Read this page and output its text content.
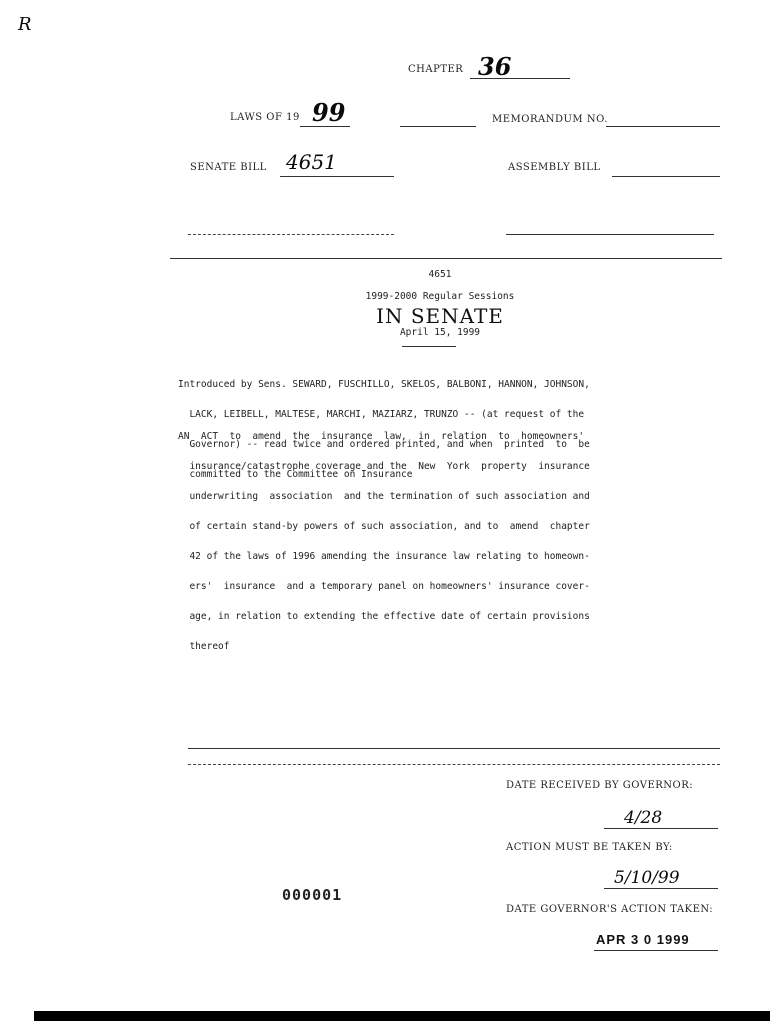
R
CHAPTER 36
LAWS OF 19 99	MEMORANDUM NO.
SENATE BILL 4651	ASSEMBLY BILL
4651
1999-2000 Regular Sessions
IN SENATE
April 15, 1999

Introduced by Sens. SEWARD, FUSCHILLO, SKELOS, BALBONI, HANNON, JOHNSON,

LACK, LEIBELL, MALTESE, MARCHI, MAZIARZ, TRUNZO -- (at request of the

Governor) -- read twice and ordered printed, and when  printed  to  be

committed to the Committee on Insurance

AN  ACT  to  amend  the  insurance  law,  in  relation  to  homeowners'

insurance/catastrophe coverage and the  New  York  property  insurance

underwriting  association  and the termination of such association and

of certain stand-by powers of such association, and to  amend  chapter

42 of the laws of 1996 amending the insurance law relating to homeown-

ers'  insurance  and a temporary panel on homeowners' insurance cover-

age, in relation to extending the effective date of certain provisions

thereof

DATE RECEIVED BY GOVERNOR:
4/28
ACTION MUST BE TAKEN BY:
5/10/99
000001
DATE GOVERNOR'S ACTION TAKEN:
APR 3 0 1999
